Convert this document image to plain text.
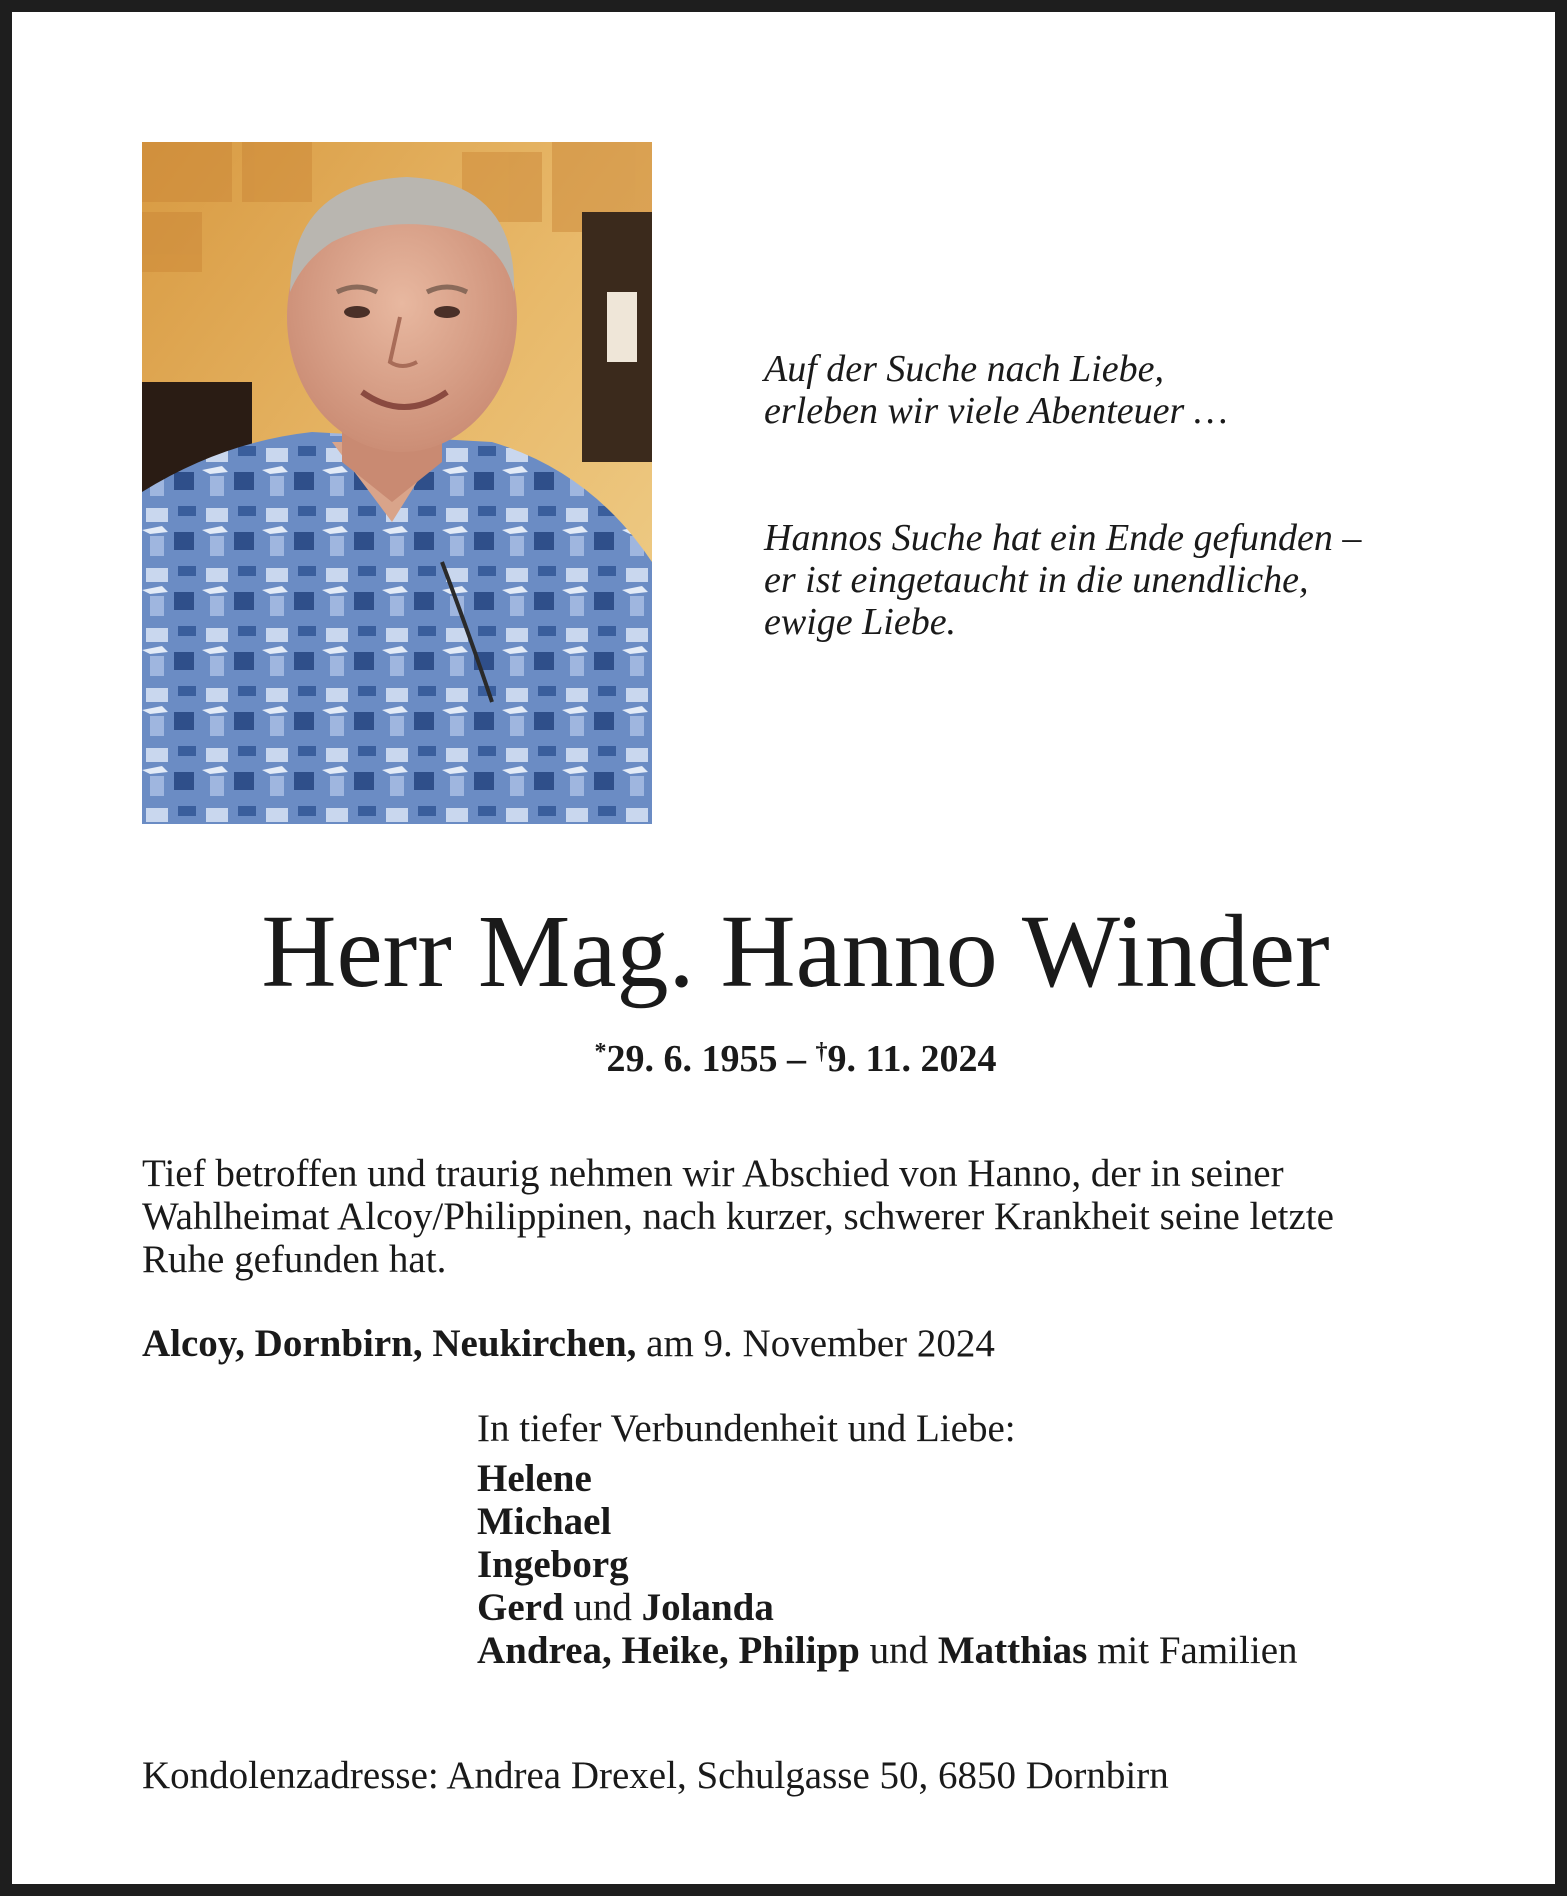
Auf der Suche nach Liebe,
erleben wir viele Abenteuer …
Hannos Suche hat ein Ende gefunden –
er ist eingetaucht in die unendliche,
ewige Liebe.
Herr Mag. Hanno Winder
*29. 6. 1955 – †9. 11. 2024
Tief betroffen und traurig nehmen wir Abschied von Hanno, der in seiner
Wahlheimat Alcoy/Philippinen, nach kurzer, schwerer Krankheit seine letzte
Ruhe gefunden hat.
Alcoy, Dornbirn, Neukirchen, am 9. November 2024
In tiefer Verbundenheit und Liebe:
Helene
Michael
Ingeborg
Gerd und Jolanda
Andrea, Heike, Philipp und Matthias mit Familien
Kondolenzadresse: Andrea Drexel, Schulgasse 50, 6850 Dornbirn
